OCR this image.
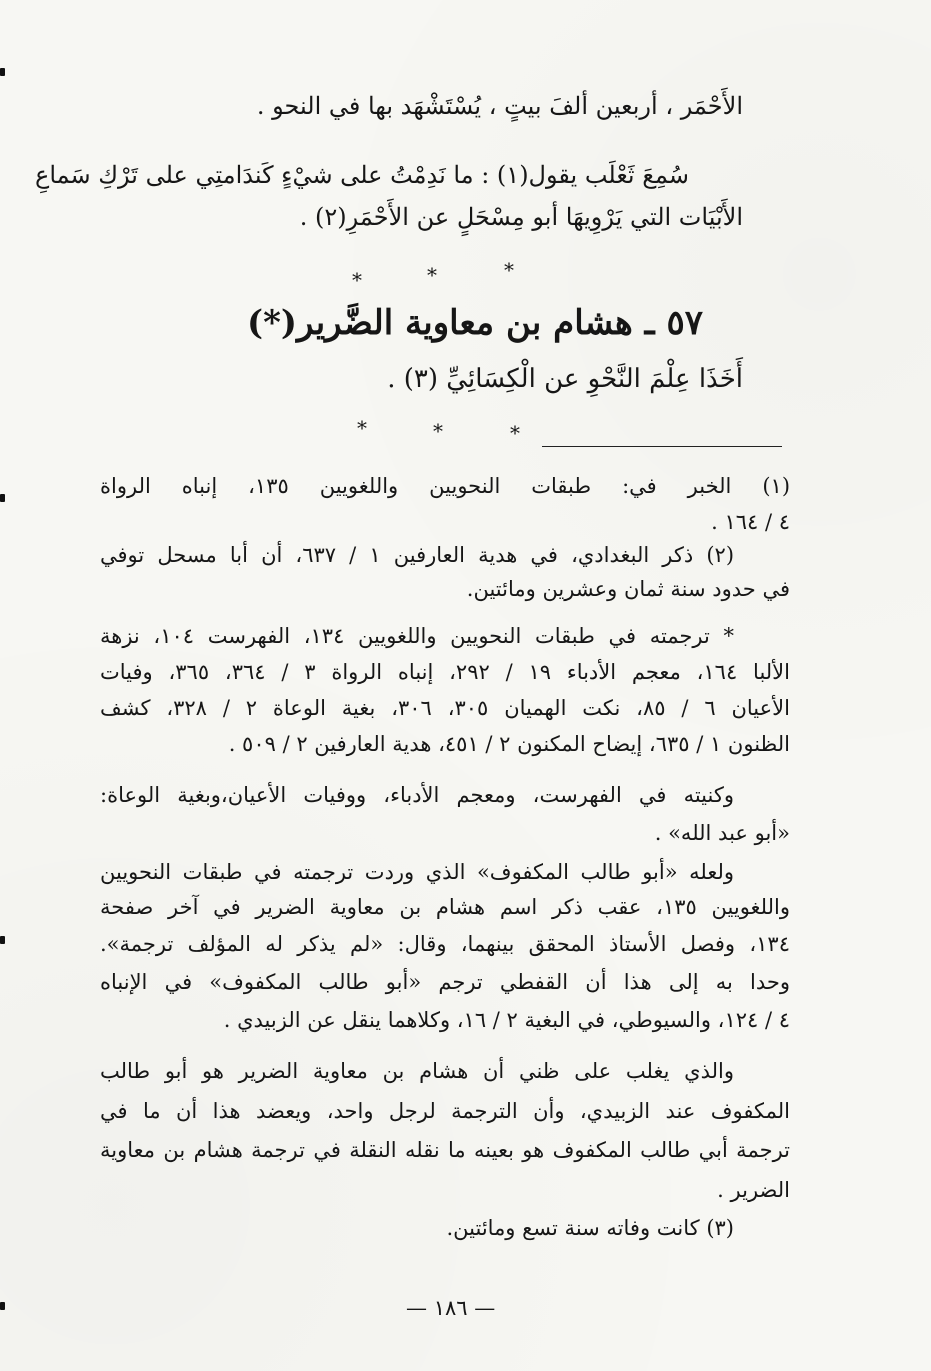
الأَحْمَر ، أربعين ألفَ بيتٍ ، يُسْتَشْهَد بها في النحو .
سُمِعَ ثَعْلَب يقول(١) : ما نَدِمْتُ على شيْءٍ كَندَامتِي على تَرْكِ سَماعِ
الأَبْيَات التي يَرْوِيهَا أبو مِسْحَلٍ عن الأَحْمَرِ(٢) .
*	*	*
٥٧ ـ هشام بن معاوية الضَّرير(*)
أَخَذَا عِلْمَ النَّحْوِ عن الْكِسَائِيِّ (٣) .
*	*	*
(١) الخبر في: طبقات النحويين واللغويين ١٣٥، إنباه الرواة
٤ / ١٦٤ .
(٢) ذكر البغدادي، في هدية العارفين ١ / ٦٣٧، أن أبا مسحل توفي
في حدود سنة ثمان وعشرين ومائتين.
* ترجمته في طبقات النحويين واللغويين ١٣٤، الفهرست ١٠٤، نزهة
الألبا ١٦٤، معجم الأدباء ١٩ / ٢٩٢، إنباه الرواة ٣ / ٣٦٤، ٣٦٥، وفيات
الأعيان ٦ / ٨٥، نكت الهميان ٣٠٥، ٣٠٦، بغية الوعاة ٢ / ٣٢٨، كشف
الظنون ١ / ٦٣٥، إيضاح المكنون ٢ / ٤٥١، هدية العارفين ٢ / ٥٠٩ .
وكنيته في الفهرست، ومعجم الأدباء، ووفيات الأعيان،وبغية الوعاة:
«أبو عبد الله» .
ولعله «أبو طالب المكفوف» الذي وردت ترجمته في طبقات النحويين
واللغويين ١٣٥، عقب ذكر اسم هشام بن معاوية الضرير في آخر صفحة
١٣٤، وفصل الأستاذ المحقق بينهما، وقال: «لم يذكر له المؤلف ترجمة».
وحدا به إلى هذا أن القفطي ترجم «أبو طالب المكفوف» في الإنباه
٤ / ١٢٤، والسيوطي، في البغية ٢ / ١٦، وكلاهما ينقل عن الزبيدي .
والذي يغلب على ظني أن هشام بن معاوية الضرير هو أبو طالب
المكفوف عند الزبيدي، وأن الترجمة لرجل واحد، ويعضد هذا أن ما في
ترجمة أبي طالب المكفوف هو بعينه ما نقله النقلة في ترجمة هشام بن معاوية
الضرير .
(٣) كانت وفاته سنة تسع ومائتين.
— ١٨٦ —
